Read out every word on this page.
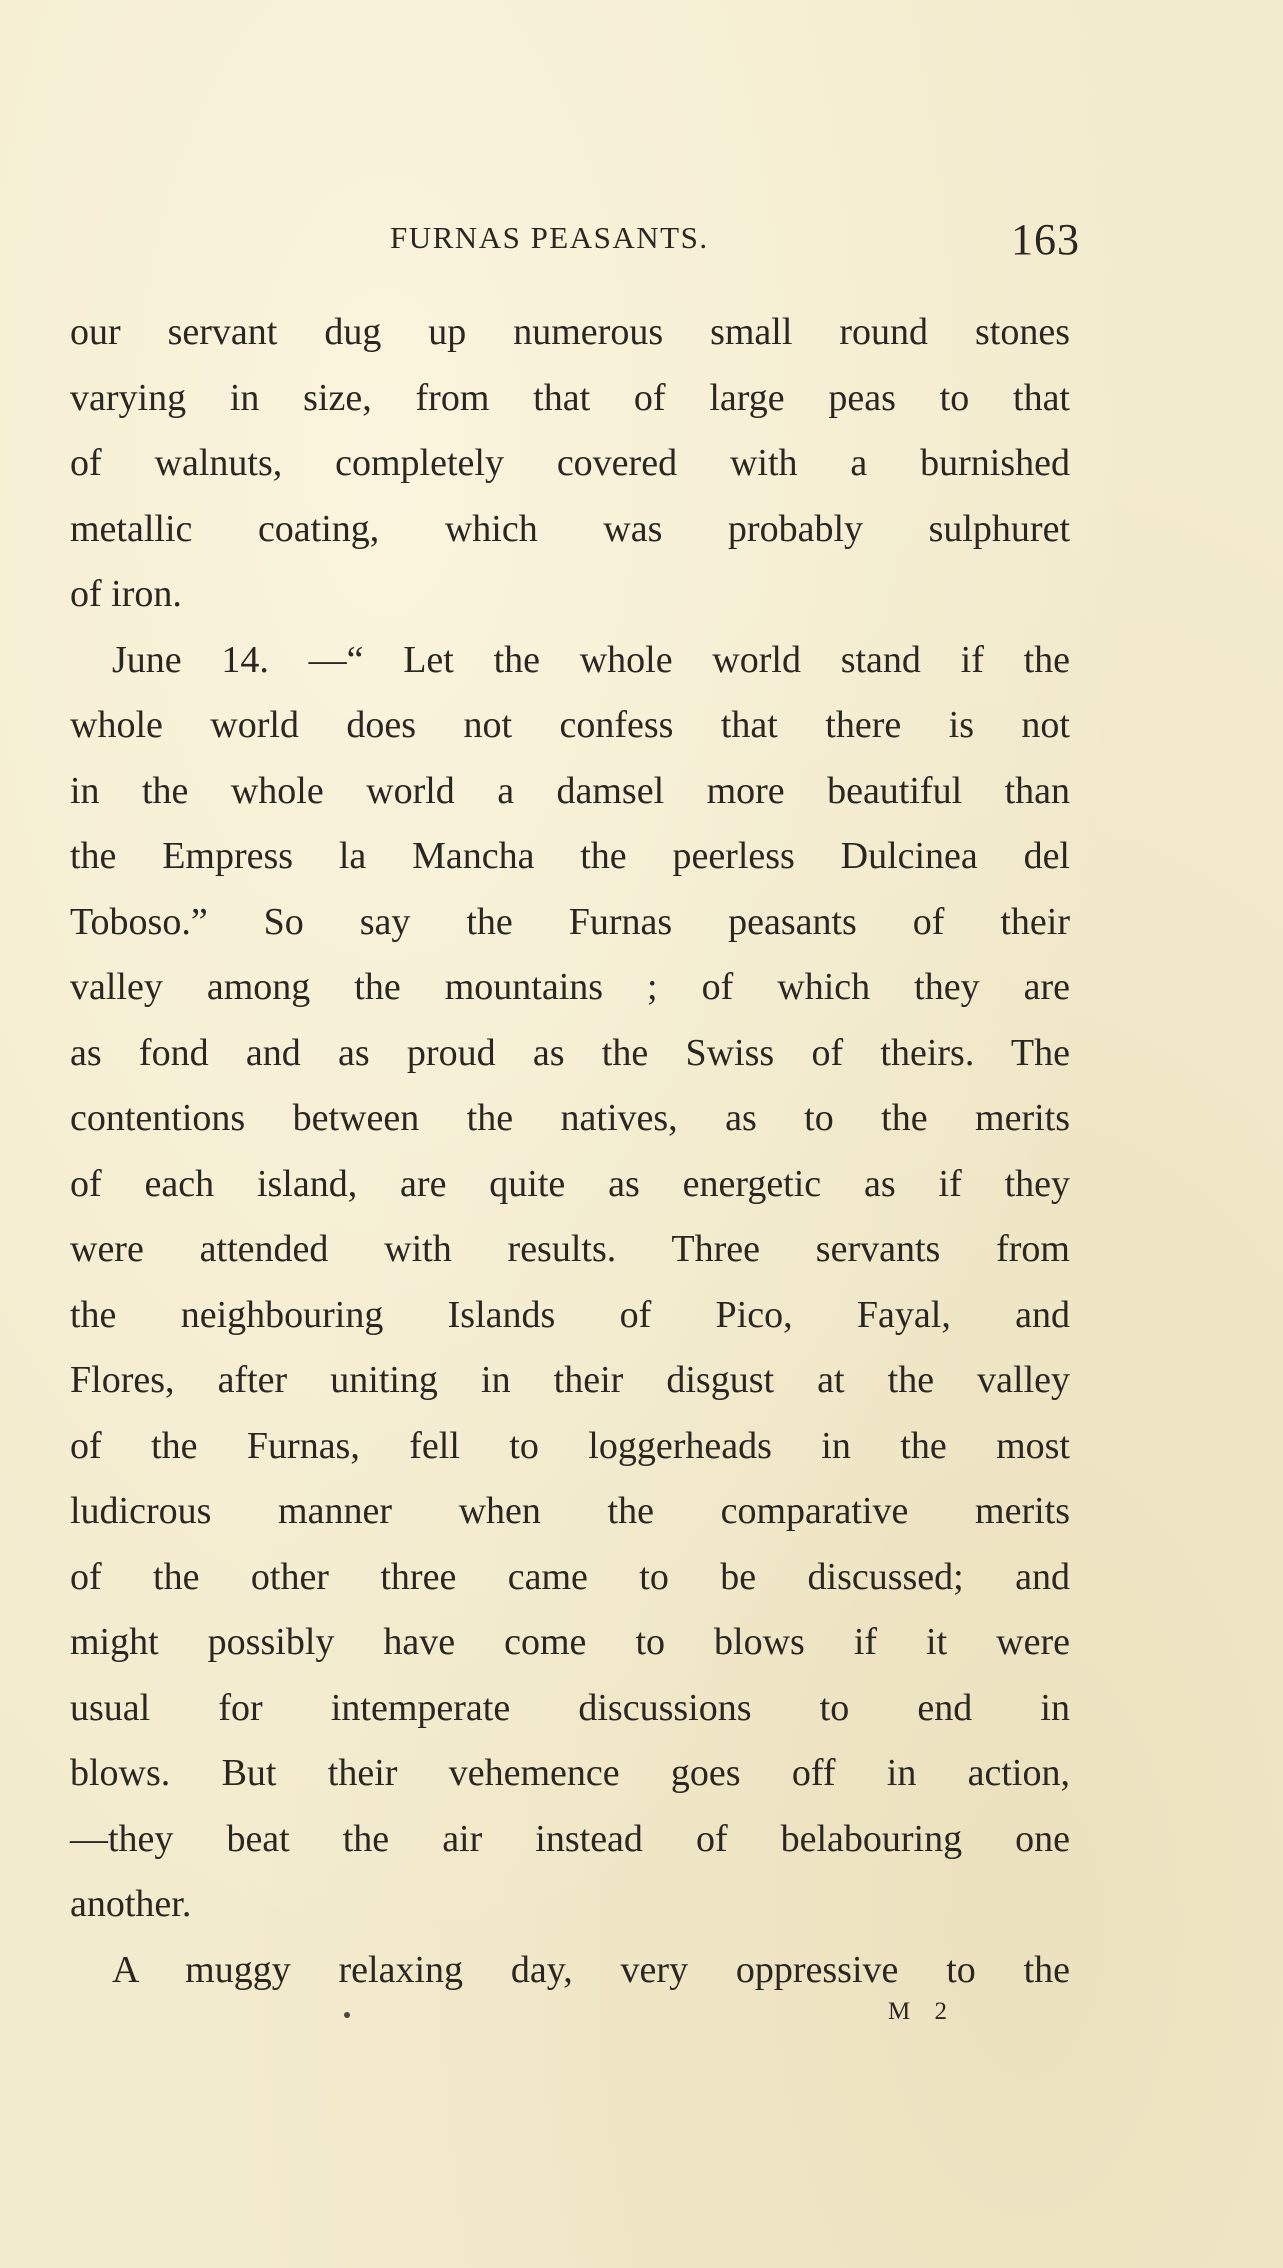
FURNAS PEASANTS.	163
our servant dug up numerous small round stones
varying in size, from that of large peas to that
of walnuts, completely covered with a burnished
metallic coating, which was probably sulphuret
of iron.
June 14. —“ Let the whole world stand if the
whole world does not confess that there is not
in the whole world a damsel more beautiful than
the Empress la Mancha the peerless Dulcinea del
Toboso.” So say the Furnas peasants of their
valley among the mountains ; of which they are
as fond and as proud as the Swiss of theirs. The
contentions between the natives, as to the merits
of each island, are quite as energetic as if they
were attended with results. Three servants from
the neighbouring Islands of Pico, Fayal, and
Flores, after uniting in their disgust at the valley
of the Furnas, fell to loggerheads in the most
ludicrous manner when the comparative merits
of the other three came to be discussed; and
might possibly have come to blows if it were
usual for intemperate discussions to end in
blows. But their vehemence goes off in action,
—they beat the air instead of belabouring one
another.
A muggy relaxing day, very oppressive to the
M 2
